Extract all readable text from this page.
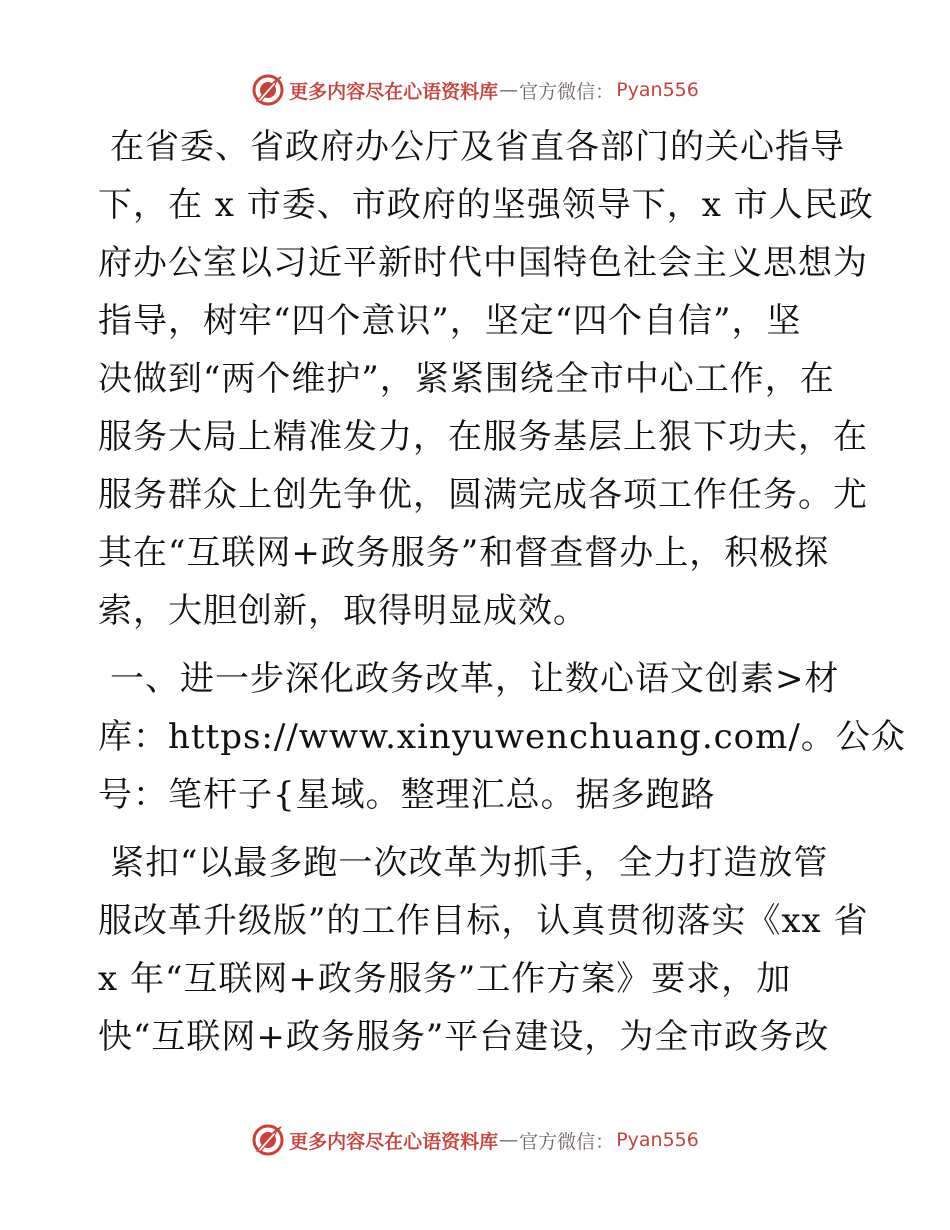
更多内容尽在心语资料库 — 官方微信： Pyan556
在省委、省政府办公厅及省直各部门的关心指导
下，在 x 市委、市政府的坚强领导下，x 市人民政
府办公室以习近平新时代中国特色社会主义思想为
指导，树牢“四个意识”，坚定“四个自信”，坚
决做到“两个维护”，紧紧围绕全市中心工作，在
服务大局上精准发力，在服务基层上狠下功夫，在
服务群众上创先争优，圆满完成各项工作任务。尤
其在“互联网+政务服务”和督查督办上，积极探
索，大胆创新，取得明显成效。
一、进一步深化政务改革，让数心语文创素>材
库：https://www.xinyuwenchuang.com/。公众
号：笔杆子{星域。整理汇总。据多跑路
紧扣“以最多跑一次改革为抓手，全力打造放管
服改革升级版”的工作目标，认真贯彻落实《xx 省
x 年“互联网+政务服务”工作方案》要求，加
快“互联网+政务服务”平台建设，为全市政务改
更多内容尽在心语资料库 — 官方微信： Pyan556
